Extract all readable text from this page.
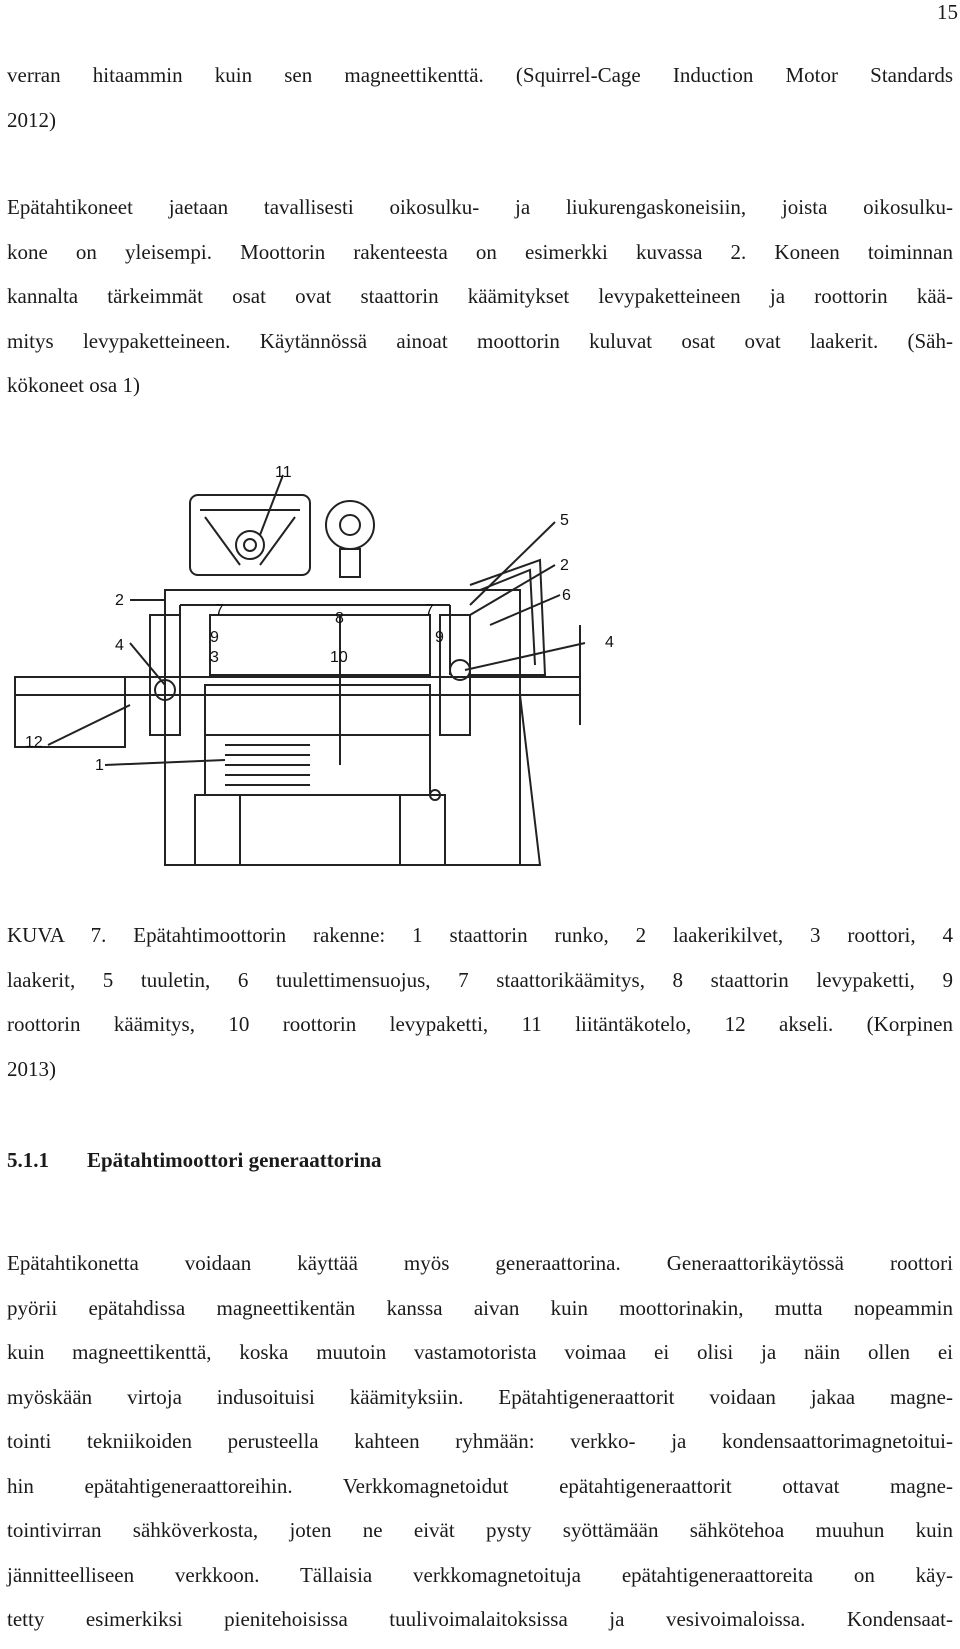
15

verran hitaammin kuin sen magneettikenttä. (Squirrel-Cage Induction Motor Standards
2012)

Epätahtikoneet jaetaan tavallisesti oikosulku- ja liukurengaskoneisiin, joista oikosulku-
kone on yleisempi. Moottorin rakenteesta on esimerkki kuvassa 2. Koneen toiminnan
kannalta tärkeimmät osat ovat staattorin käämitykset levypaketteineen ja roottorin kää-
mitys levypaketteineen. Käytännössä ainoat moottorin kuluvat osat ovat laakerit. (Säh-
kökoneet osa 1)

11
5
2
6
2
7	8	7
9	9
3	10
4	4
12
1

KUVA 7. Epätahtimoottorin rakenne: 1 staattorin runko, 2 laakerikilvet, 3 roottori, 4
laakerit, 5 tuuletin, 6 tuulettimensuojus, 7 staattorikäämitys, 8 staattorin levypaketti, 9
roottorin käämitys, 10 roottorin levypaketti, 11 liitäntäkotelo, 12 akseli. (Korpinen
2013)

5.1.1 Epätahtimoottori generaattorina

Epätahtikonetta voidaan käyttää myös generaattorina. Generaattorikäytössä roottori
pyörii epätahdissa magneettikentän kanssa aivan kuin moottorinakin, mutta nopeammin
kuin magneettikenttä, koska muutoin vastamotorista voimaa ei olisi ja näin ollen ei
myöskään virtoja indusoituisi käämityksiin. Epätahtigeneraattorit voidaan jakaa magne-
tointi tekniikoiden perusteella kahteen ryhmään: verkko- ja kondensaattorimagnetoitui-
hin epätahtigeneraattoreihin. Verkkomagnetoidut epätahtigeneraattorit ottavat magne-
tointivirran sähköverkosta, joten ne eivät pysty syöttämään sähkötehoa muuhun kuin
jännitteelliseen verkkoon. Tällaisia verkkomagnetoituja epätahtigeneraattoreita on käy-
tetty esimerkiksi pienitehoisissa tuulivoimalaitoksissa ja vesivoimaloissa. Kondensaat-
